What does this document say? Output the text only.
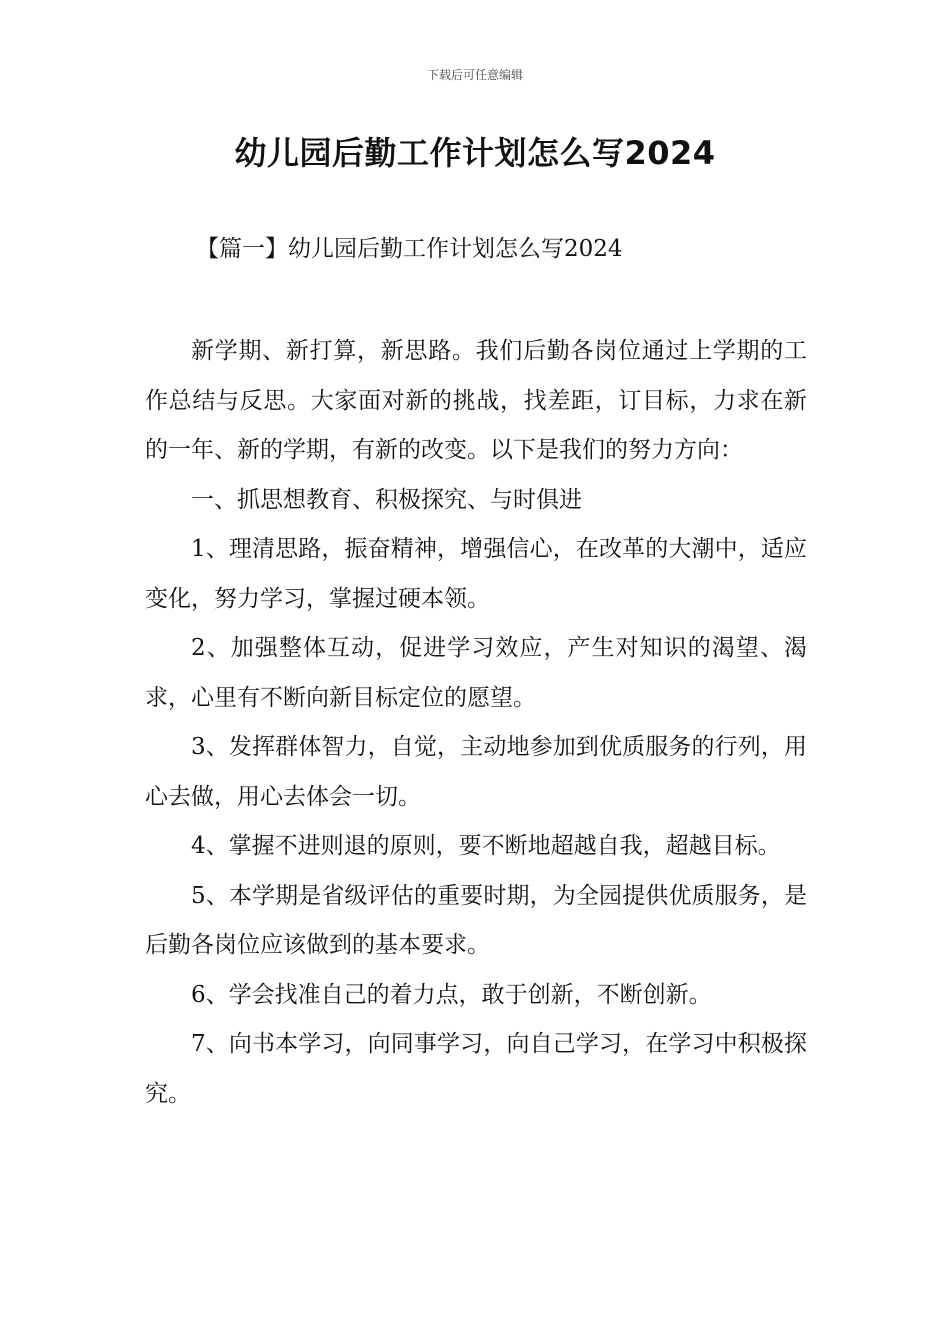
下载后可任意编辑
幼儿园后勤工作计划怎么写2024
【篇一】幼儿园后勤工作计划怎么写2024

新学期、新打算，新思路。我们后勤各岗位通过上学期的工作总结与反思。大家面对新的挑战，找差距，订目标，力求在新的一年、新的学期，有新的改变。以下是我们的努力方向：

一、抓思想教育、积极探究、与时俱进

1、理清思路，振奋精神，增强信心，在改革的大潮中，适应变化，努力学习，掌握过硬本领。

2、加强整体互动，促进学习效应，产生对知识的渴望、渴求，心里有不断向新目标定位的愿望。

3、发挥群体智力，自觉，主动地参加到优质服务的行列，用心去做，用心去体会一切。

4、掌握不进则退的原则，要不断地超越自我，超越目标。

5、本学期是省级评估的重要时期，为全园提供优质服务，是后勤各岗位应该做到的基本要求。

6、学会找准自己的着力点，敢于创新，不断创新。

7、向书本学习，向同事学习，向自己学习，在学习中积极探究。
